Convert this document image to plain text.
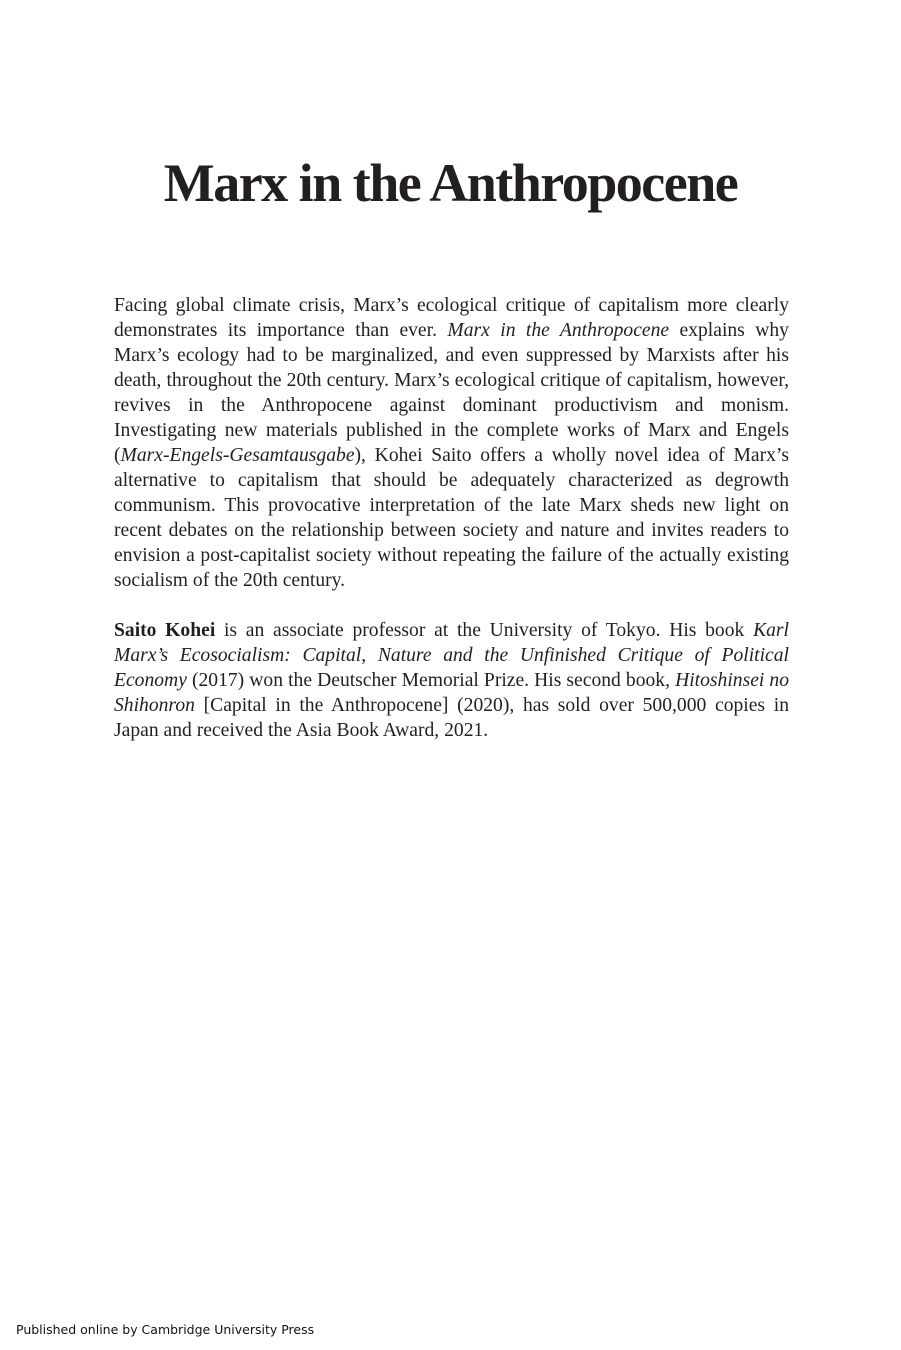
Marx in the Anthropocene

Facing global climate crisis, Marx’s ecological critique of capitalism more clearly demonstrates its importance than ever. Marx in the Anthropocene explains why Marx’s ecology had to be marginalized, and even suppressed by Marxists after his death, throughout the 20th century. Marx’s ecological critique of capitalism, however, revives in the Anthropocene against dominant productivism and monism. Investigating new materials published in the complete works of Marx and Engels (Marx-Engels-Gesamtausgabe), Kohei Saito offers a wholly novel idea of Marx’s alternative to capitalism that should be adequately characterized as degrowth communism. This provocative interpretation of the late Marx sheds new light on recent debates on the relationship between society and nature and invites readers to envision a post-capitalist society without repeating the failure of the actually existing socialism of the 20th century.

Saito Kohei is an associate professor at the University of Tokyo. His book Karl Marx’s Ecosocialism: Capital, Nature and the Unfinished Critique of Political Economy (2017) won the Deutscher Memorial Prize. His second book, Hitoshinsei no Shihonron [Capital in the Anthropocene] (2020), has sold over 500,000 copies in Japan and received the Asia Book Award, 2021.

Published online by Cambridge University Press
